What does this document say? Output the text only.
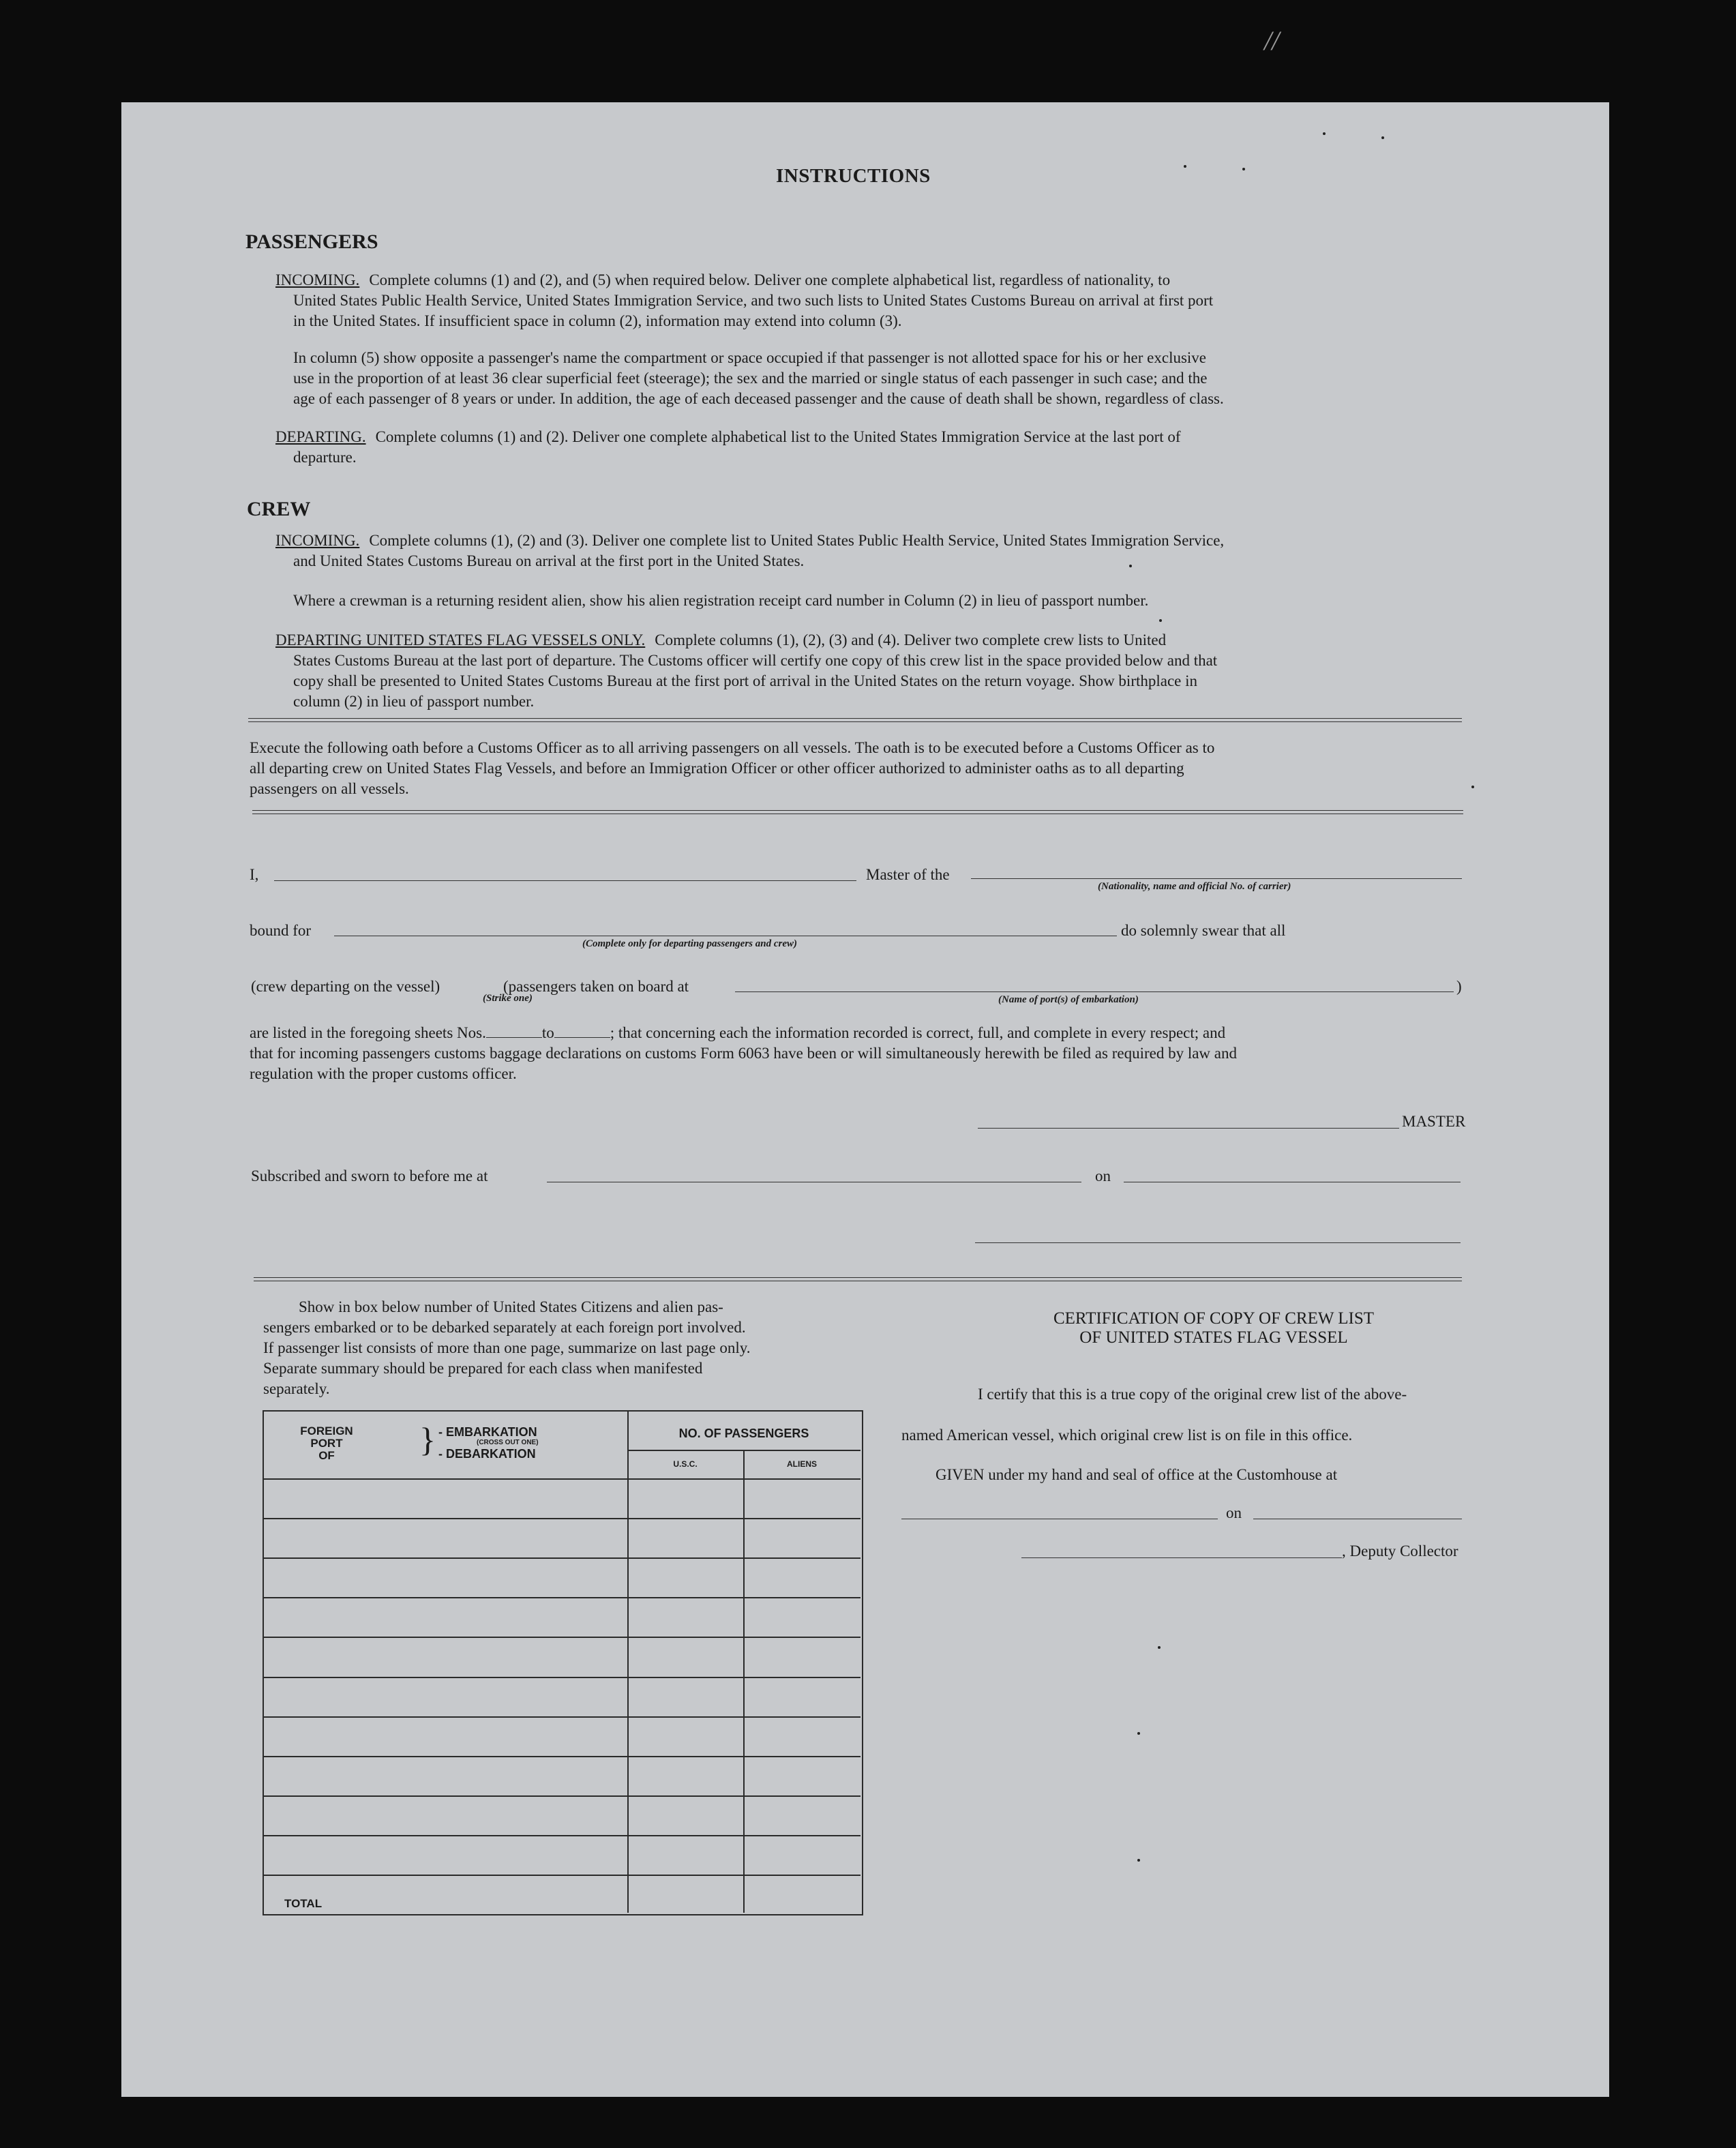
INSTRUCTIONS
PASSENGERS
INCOMING. Complete columns (1) and (2), and (5) when required below. Deliver one complete alphabetical list, regardless of nationality, to
United States Public Health Service, United States Immigration Service, and two such lists to United States Customs Bureau on arrival at first port
in the United States. If insufficient space in column (2), information may extend into column (3).
In column (5) show opposite a passenger's name the compartment or space occupied if that passenger is not allotted space for his or her exclusive
use in the proportion of at least 36 clear superficial feet (steerage); the sex and the married or single status of each passenger in such case; and the
age of each passenger of 8 years or under. In addition, the age of each deceased passenger and the cause of death shall be shown, regardless of class.
DEPARTING. Complete columns (1) and (2). Deliver one complete alphabetical list to the United States Immigration Service at the last port of
departure.
CREW
INCOMING. Complete columns (1), (2) and (3). Deliver one complete list to United States Public Health Service, United States Immigration Service,
and United States Customs Bureau on arrival at the first port in the United States.
Where a crewman is a returning resident alien, show his alien registration receipt card number in Column (2) in lieu of passport number.
DEPARTING UNITED STATES FLAG VESSELS ONLY. Complete columns (1), (2), (3) and (4). Deliver two complete crew lists to United
States Customs Bureau at the last port of departure. The Customs officer will certify one copy of this crew list in the space provided below and that
copy shall be presented to United States Customs Bureau at the first port of arrival in the United States on the return voyage. Show birthplace in
column (2) in lieu of passport number.
Execute the following oath before a Customs Officer as to all arriving passengers on all vessels. The oath is to be executed before a Customs Officer as to
all departing crew on United States Flag Vessels, and before an Immigration Officer or other officer authorized to administer oaths as to all departing
passengers on all vessels.
I,	Master of the
(Nationality, name and official No. of carrier)
bound for
(Complete only for departing passengers and crew)
do solemnly swear that all
(crew departing on the vessel)
(Strike one)
(passengers taken on board at
(Name of port(s) of embarkation)
)
are listed in the foregoing sheets Nos.	to	; that concerning each the information recorded is correct, full, and complete in every respect; and
that for incoming passengers customs baggage declarations on customs Form 6063 have been or will simultaneously herewith be filed as required by law and
regulation with the proper customs officer.
MASTER
Subscribed and sworn to before me at	on
Show in box below number of United States Citizens and alien pas-
sengers embarked or to be debarked separately at each foreign port involved.
If passenger list consists of more than one page, summarize on last page only.
Separate summary should be prepared for each class when manifested
separately.
FOREIGN
PORT
OF	} - EMBARKATION
(CROSS OUT ONE)
- DEBARKATION
NO. OF PASSENGERS
U.S.C.	ALIENS
TOTAL
CERTIFICATION OF COPY OF CREW LIST
OF UNITED STATES FLAG VESSEL
I certify that this is a true copy of the original crew list of the above-
named American vessel, which original crew list is on file in this office.
GIVEN under my hand and seal of office at the Customhouse at
on
, Deputy Collector
//
